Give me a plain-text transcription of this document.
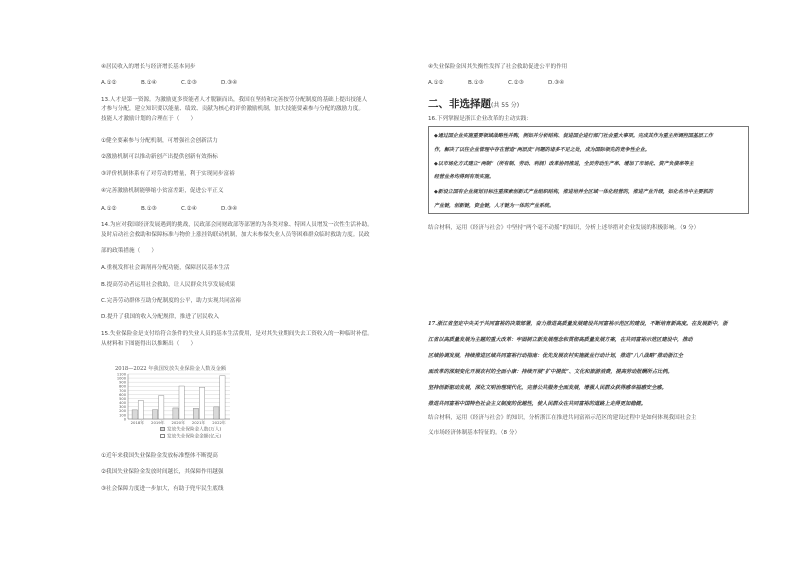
④居民收入的增长与经济增长基本同步
A.①②	B.①④	C.②③	D.③④
13.人才是第一资源。为激励更多资能者人才脱颖而出，我国在坚持和完善按劳分配制度的基础上提出技能人
才参与分配，建立知识要以能量、绩效、贡献为核心的评价激励机制，加大技能要素参与分配的激励力度。
技能人才激励计划的合理在于（　　）
①健全要素参与分配机制，可增强社会创新活力
②激励机制可以推动新创产出提供创新有效指标
③评价机制体系有了对劳动的增量，利于实现同步富裕
④完善激励机制能够缩小贫富差距，促进公平正义
A.①②	B.①③	C.②④	D.③④
14.为应对我国经济发展遇到的挑战，民政部会同财政部等部署的为各类对象、特困人员增发一次性生活补助。
及时启动社会救助和保障标准与物价上涨挂钩联动机制，加大未参保失业人员等困难群众临时救助力度。民政
部的政策措施（　　）
A.重视发挥社会调剂再分配功能，保障居民基本生活
B.提高劳动者运用社会救助，让人民群众共享发展成果
C.完善劳动群体互助分配制度的公平，助力实现共同富裕
D.提升了我国的收入分配规律，推进了居民收入
15.失业保险金是支付给符合条件的失业人员的基本生活费用，是对其失业期间失去工资收入的一种临时补偿。
从材料和下图能得出以推断出（　　）
①近年来我国失业保险金发放标准整体不断提高
②我国失业保险金发放时间越长，其保障作用越强
③社会保障力度进一步加大，有助于兜牢民生底线
2018—2022 年我国发放失业保险金人数及金额
1100
1000
900
800
700
600
500
400
300
200
100
0
2018年 2019年 2020年 2021年 2022年
发放失业保险金人数(万人)
发放失业保险金金额(亿元)
④失业保险金因其失衡性发挥了社会救助促进公平的作用
A.①②	B.①③	C.②③	D.③④
二、非选择题(共 55 分)
16.下列掌握是浙江企业改革的主动实践：
◆通过国企业实施重要领域战略性并购，例如并分析结构、促进国企进行部门社会重大事项。完成其作为重主所调控国基层工作
作，解决了以往企业管理中存在营造“两层皮”问题的诸多不足之处，成为国际领先的竞争性企业。
◆以市场化方式建立“两制”（所有制、劳动、利润）改革协同推进，全员劳动生产率、增加了市场化、资产负债率等主
经营业务均得到有效实施。
◆新设立国有企业规划目标注重探索创新式产业组织结构，推进培养全区域一体化经营的，推进产业升级，如化名当中主要抓的
产业链，创新链，资金链，人才链为一体的产业系统。
结合材料，运用《经济与社会》中坚持“两个毫不动摇”的知识，分析上述举措对企业发展的积极影响。（9 分）
17.浙江省坚定中央关于共同富裕的决策部署，奋力推进高质量发展建设共同富裕示范区的建设，不断培育新高度。在发展新中，浙
江省以高质量发展为主题的重大改革：牢固树立新发展理念和贯彻高质量发展方案，在共同富裕示范区建设中，推动
区域协调发展，持续推进区域共同富裕行动指南：优先发展农村实施就业行动计划，推进“八八战略”推动浙江全
面改革的深刻变化开展农村的全面小康：持续开展“扩中提低”、文化和旅游消费，提高劳动报酬所占比例。
坚持创新驱动发展，深化文明治理现代化，完善公共服务全面发展，增强人民群众获得感幸福感安全感。
推进共同富裕中国特色社会主义制度的优越性，使人民群众在共同富裕的道路上走得更加稳健。
结合材料，运用《经济与社会》的知识，分析浙江在推进共同富裕示范区的建设过程中是如何体现我国社会主
义市场经济体制基本特征的。（8 分）
